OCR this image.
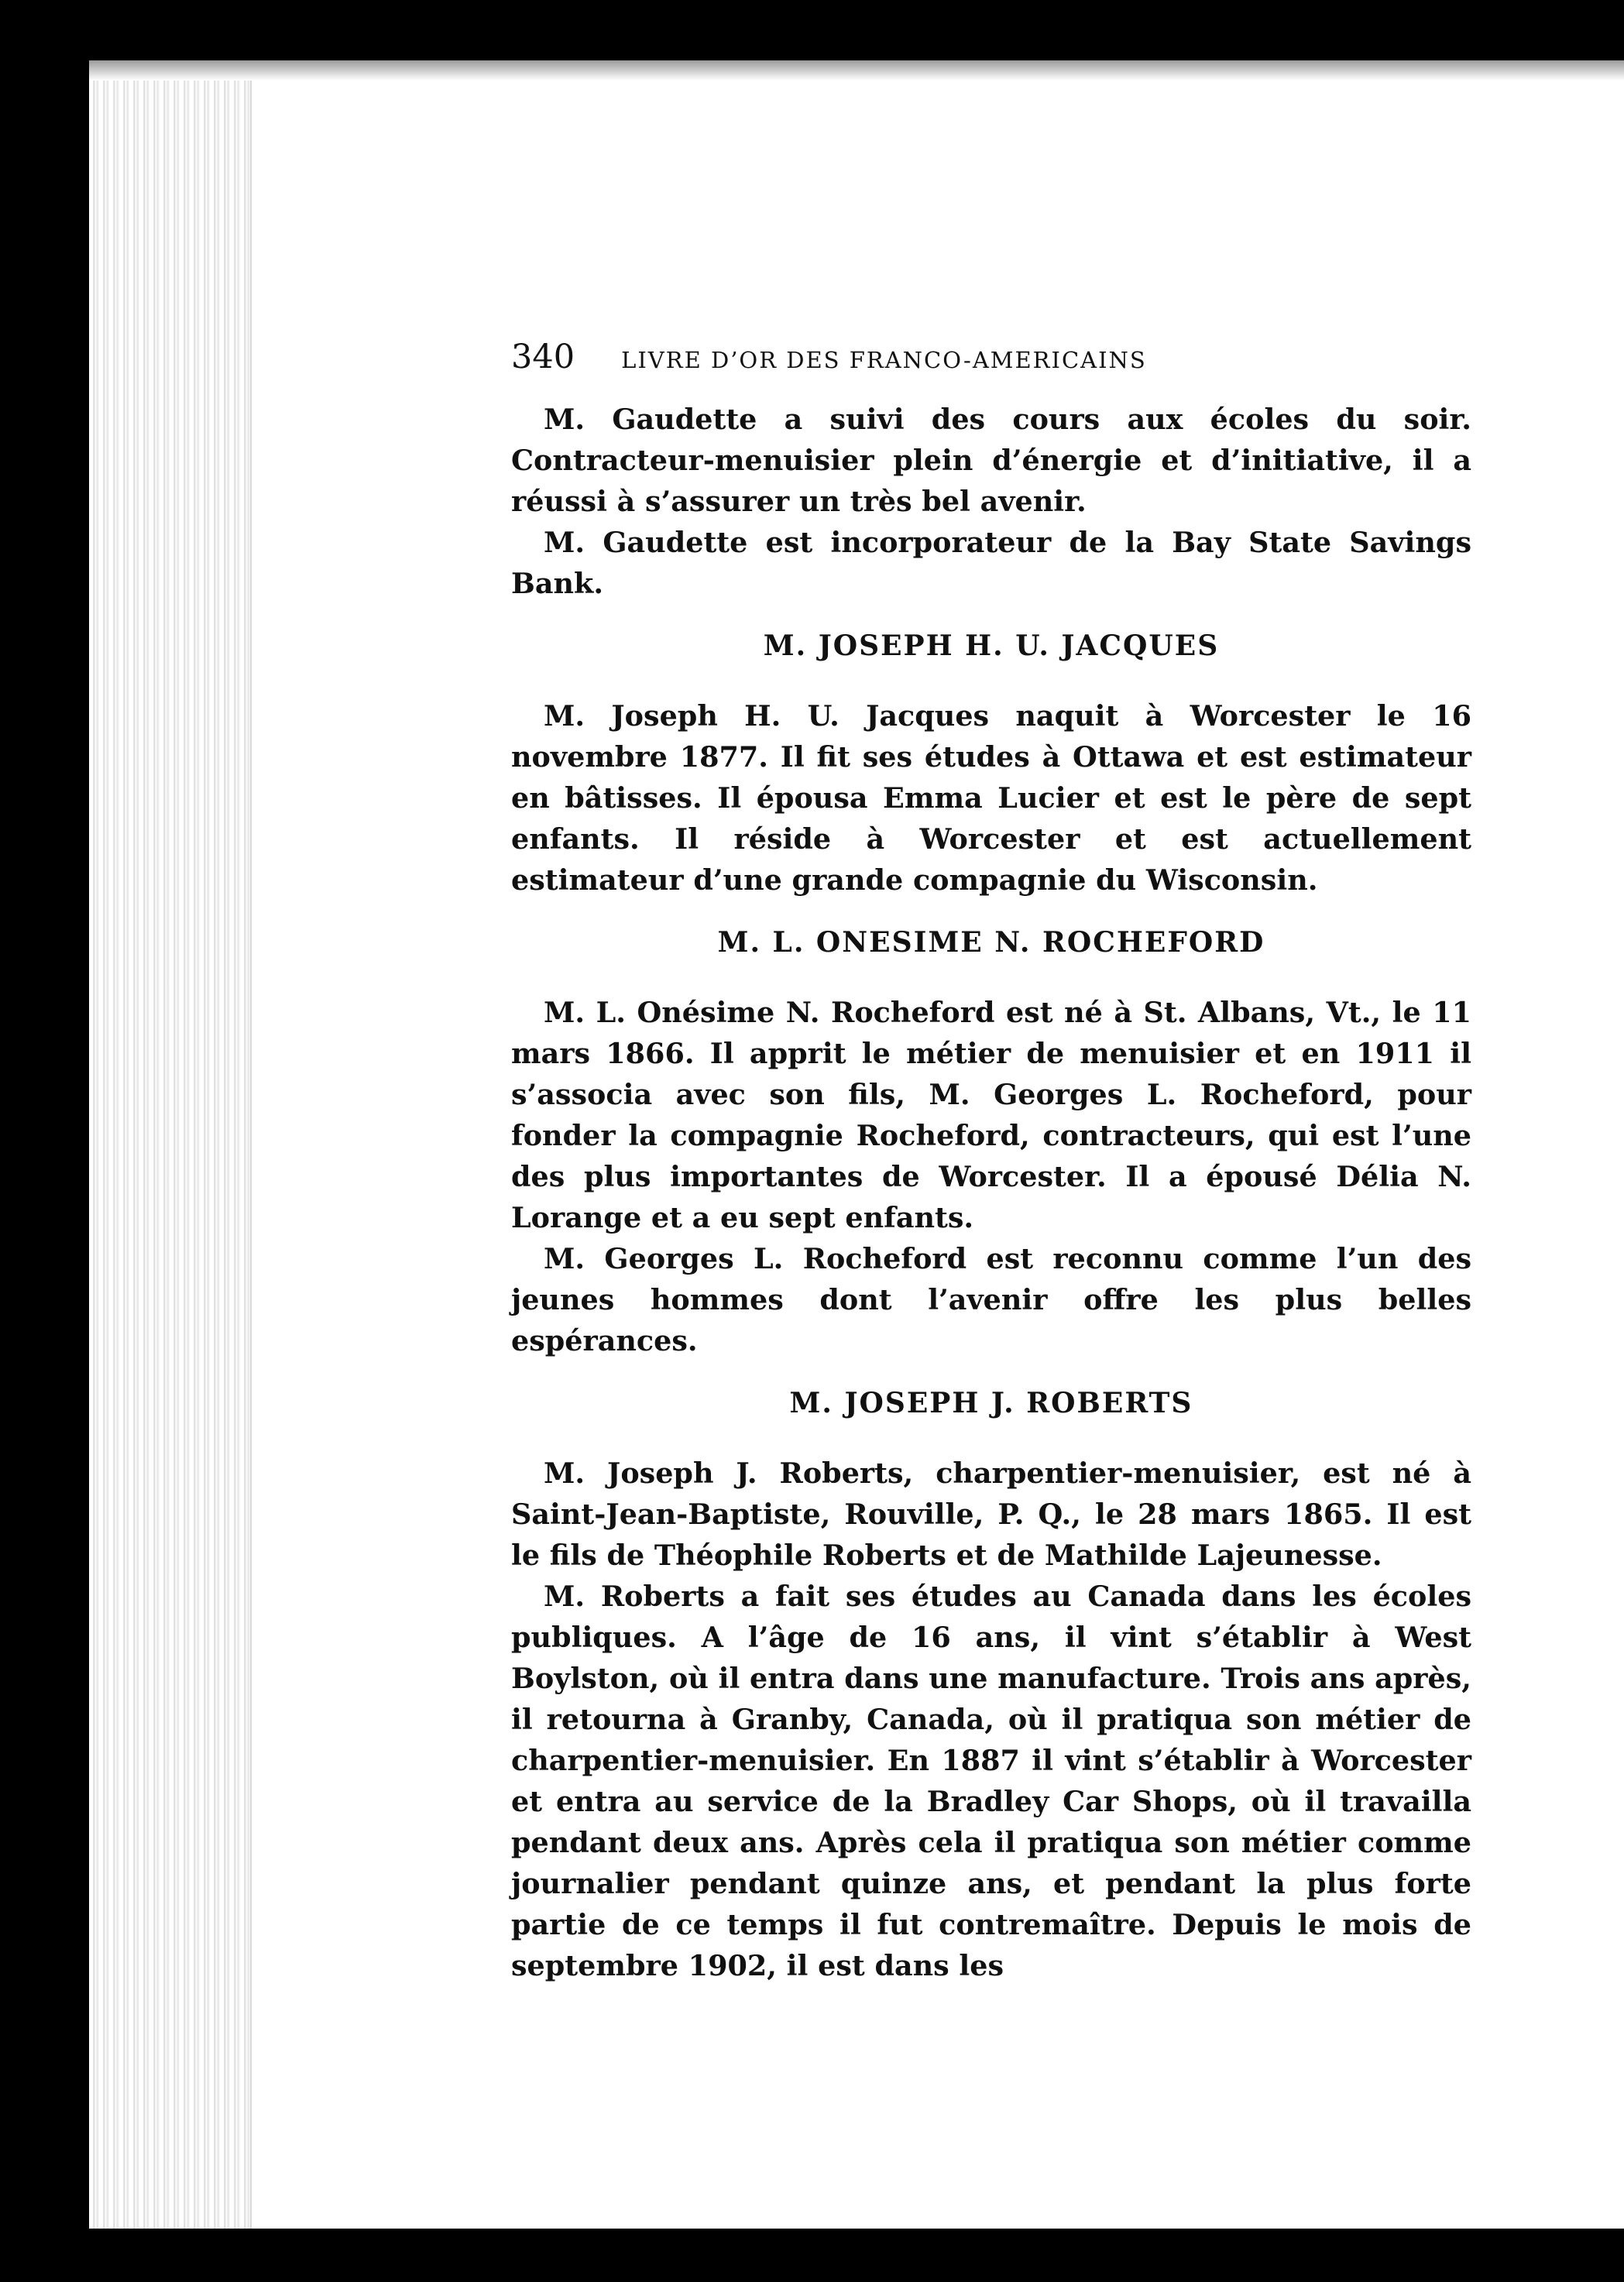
340 LIVRE D’OR DES FRANCO-AMERICAINS

M. Gaudette a suivi des cours aux écoles du soir. Contracteur-menuisier plein d’énergie et d’initiative, il a réussi à s’assurer un très bel avenir.

M. Gaudette est incorporateur de la Bay State Savings Bank.

M. JOSEPH H. U. JACQUES

M. Joseph H. U. Jacques naquit à Worcester le 16 novembre 1877. Il fit ses études à Ottawa et est estimateur en bâtisses. Il épousa Emma Lucier et est le père de sept enfants. Il réside à Worcester et est actuellement estimateur d’une grande compagnie du Wisconsin.

M. L. ONESIME N. ROCHEFORD

M. L. Onésime N. Rocheford est né à St. Albans, Vt., le 11 mars 1866. Il apprit le métier de menuisier et en 1911 il s’associa avec son fils, M. Georges L. Rocheford, pour fonder la compagnie Rocheford, contracteurs, qui est l’une des plus importantes de Worcester. Il a épousé Délia N. Lorange et a eu sept enfants.

M. Georges L. Rocheford est reconnu comme l’un des jeunes hommes dont l’avenir offre les plus belles espérances.

M. JOSEPH J. ROBERTS

M. Joseph J. Roberts, charpentier-menuisier, est né à Saint-Jean-Baptiste, Rouville, P. Q., le 28 mars 1865. Il est le fils de Théophile Roberts et de Mathilde Lajeunesse.

M. Roberts a fait ses études au Canada dans les écoles publiques. A l’âge de 16 ans, il vint s’établir à West Boylston, où il entra dans une manufacture. Trois ans après, il retourna à Granby, Canada, où il pratiqua son métier de charpentier-menuisier. En 1887 il vint s’établir à Worcester et entra au service de la Bradley Car Shops, où il travailla pendant deux ans. Après cela il pratiqua son métier comme journalier pendant quinze ans, et pendant la plus forte partie de ce temps il fut contremaître. Depuis le mois de septembre 1902, il est dans les
